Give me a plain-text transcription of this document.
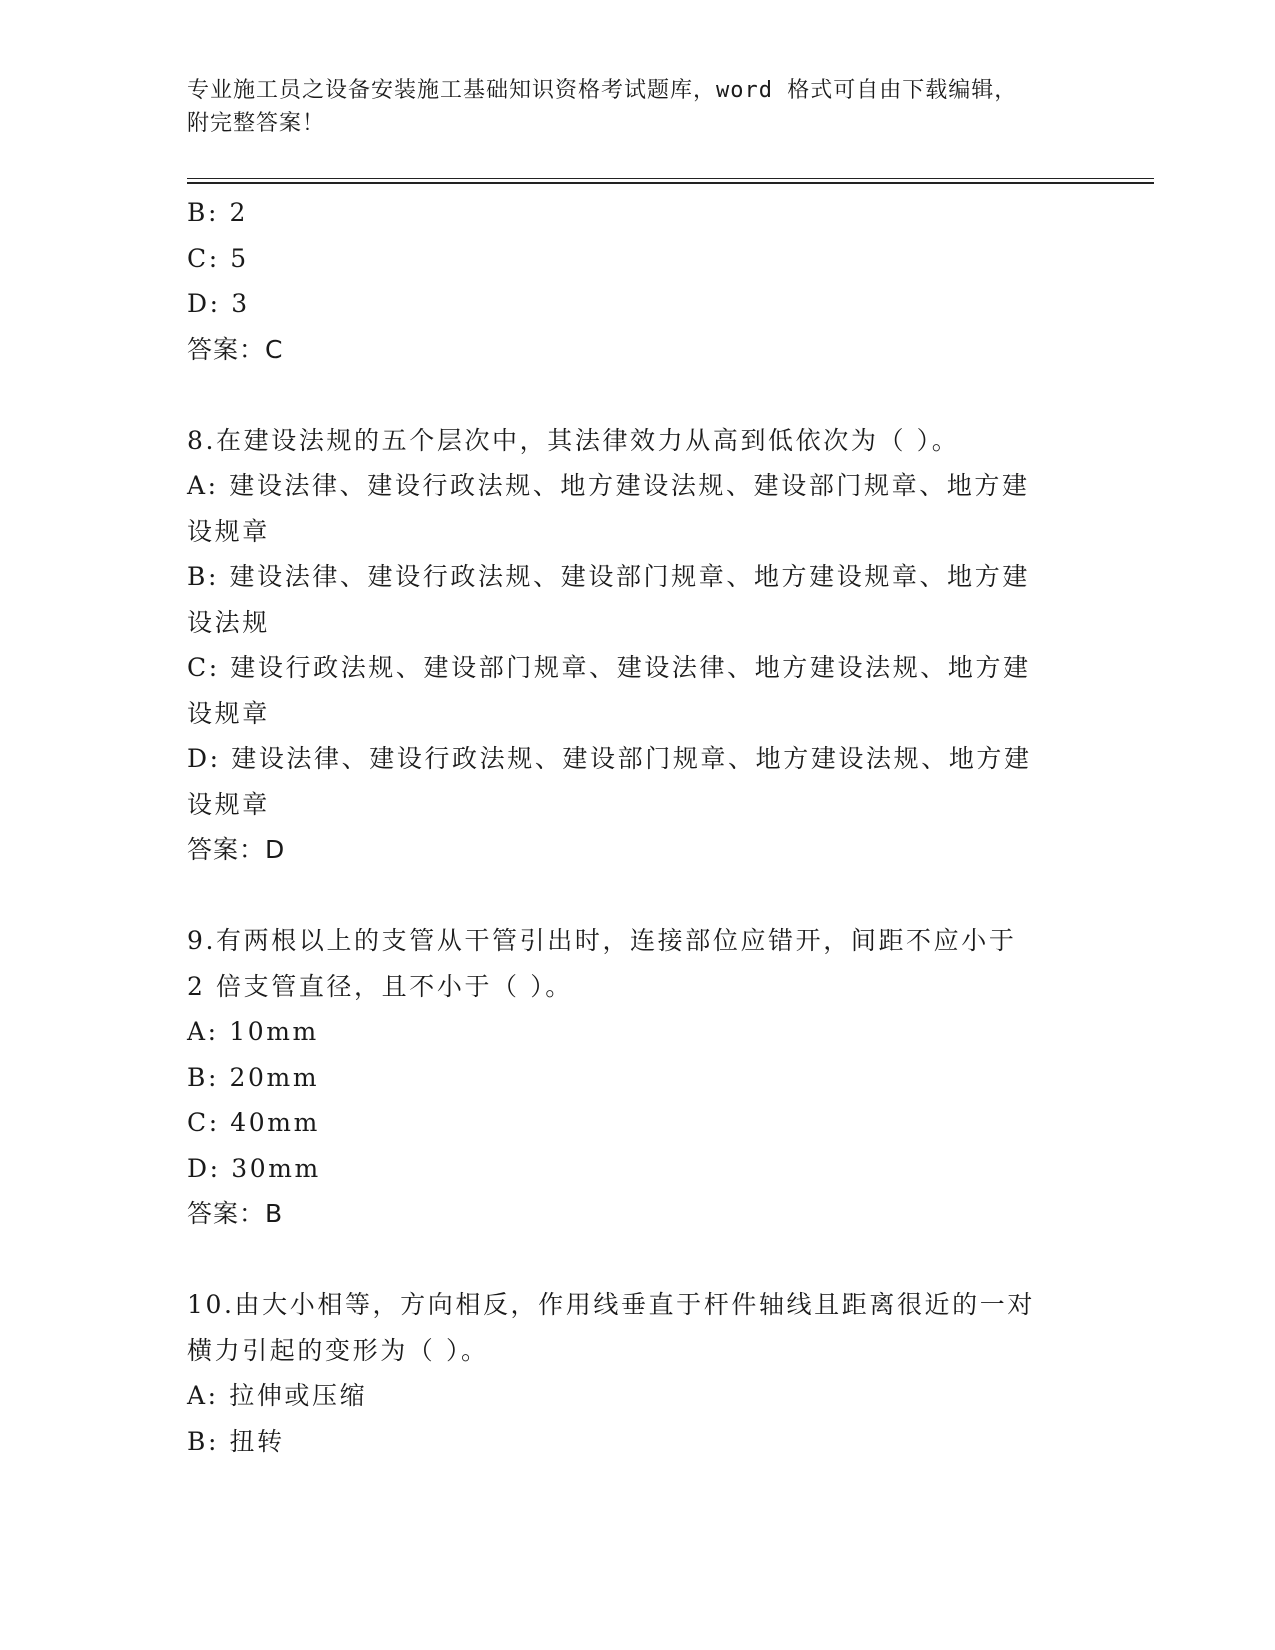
专业施工员之设备安装施工基础知识资格考试题库，word 格式可自由下载编辑，
附完整答案！
B: 2
C: 5
D: 3
答案：C
8.在建设法规的五个层次中，其法律效力从高到低依次为（ ）。
A: 建设法律、建设行政法规、地方建设法规、建设部门规章、地方建
设规章
B: 建设法律、建设行政法规、建设部门规章、地方建设规章、地方建
设法规
C: 建设行政法规、建设部门规章、建设法律、地方建设法规、地方建
设规章
D: 建设法律、建设行政法规、建设部门规章、地方建设法规、地方建
设规章
答案：D
9.有两根以上的支管从干管引出时，连接部位应错开，间距不应小于
2 倍支管直径，且不小于（ ）。
A: 10mm
B: 20mm
C: 40mm
D: 30mm
答案：B
10.由大小相等，方向相反，作用线垂直于杆件轴线且距离很近的一对
横力引起的变形为（ ）。
A: 拉伸或压缩
B: 扭转
